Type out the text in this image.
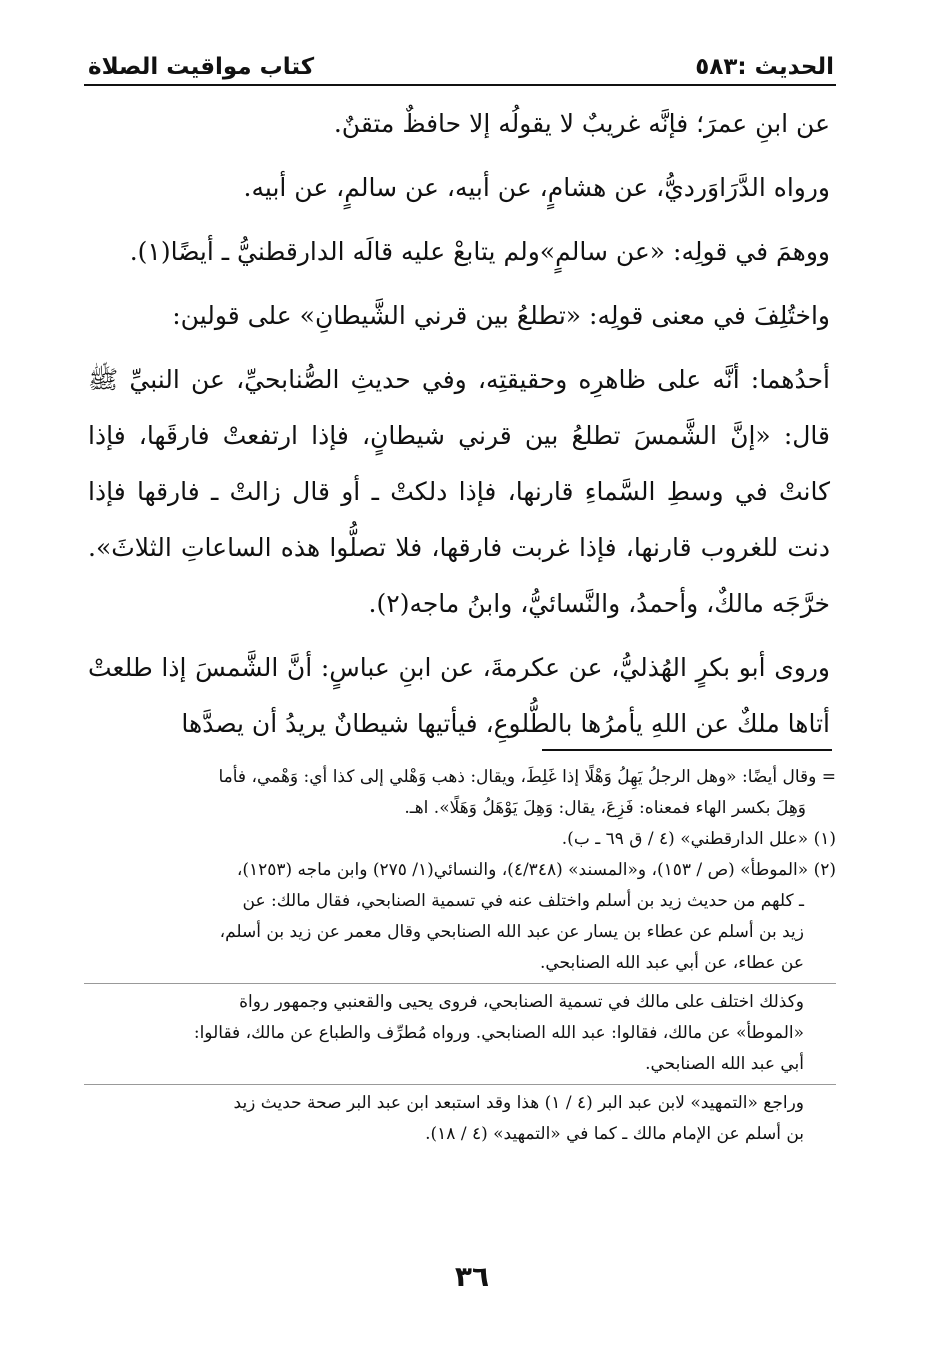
الحديث :٥٨٣
كتاب مواقيت الصلاة

عن ابنِ عمرَ؛ فإنَّه غريبٌ لا يقولُه إلا حافظٌ متقنٌ.

ورواه الدَّرَاوَرديُّ، عن هشامٍ، عن أبيه، عن سالمٍ، عن أبيه.

ووهمَ في قولِه: «عن سالمٍ»ولم يتابعْ عليه قالَه الدارقطنيُّ ـ أيضًا(١).

واختُلِفَ في معنى قولِه: «تطلعُ بين قرني الشَّيطانِ» على قولين:

أحدُهما: أنَّه على ظاهرِه وحقيقتِه، وفي حديثِ الصُّنابحيِّ، عن النبيِّ ﷺ قال: «إنَّ الشَّمسَ تطلعُ بين قرني شيطانٍ، فإذا ارتفعتْ فارقَها، فإذا كانتْ في وسطِ السَّماءِ قارنها، فإذا دلكتْ ـ أو قال زالتْ ـ فارقها فإذا دنت للغروب قارنها، فإذا غربت فارقها، فلا تصلُّوا هذه الساعاتِ الثلاثَ». خرَّجَه مالكٌ، وأحمدُ، والنَّسائيُّ، وابنُ ماجه(٢).

وروى أبو بكرٍ الهُذليُّ، عن عكرمةَ، عن ابنِ عباسٍ: أنَّ الشَّمسَ إذا طلعتْ أتاها ملكٌ عن اللهِ يأمرُها بالطُّلوعِ، فيأتيها شيطانٌ يريدُ أن يصدَّها

= وقال أيضًا: «وهل الرجلُ يَهِلُ وَهْلًا إذا غَلِطَ، ويقال: ذهب وَهْلي إلى كذا أي: وَهْمي، فأما

وَهِلَ بكسر الهاء فمعناه: فَزِعَ، يقال: وَهِلَ يَوْهَلُ وَهَلًا». اهـ.

(١) «علل الدارقطني» (٤ / ق ٦٩ ـ ب).

(٢) «الموطأ» (ص / ١٥٣)، و«المسند» (٤/٣٤٨)، والنسائي(١/ ٢٧٥) وابن ماجه (١٢٥٣)،

ـ كلهم من حديث زيد بن أسلم واختلف عنه في تسمية الصنابحي، فقال مالك: عن

زيد بن أسلم عن عطاء بن يسار عن عبد الله الصنابحي وقال معمر عن زيد بن أسلم،

عن عطاء، عن أبي عبد الله الصنابحي.

وكذلك اختلف على مالك في تسمية الصنابحي، فروى يحيى والقعنبي وجمهور رواة

«الموطأ» عن مالك، فقالوا: عبد الله الصنابحي. ورواه مُطرِّف والطباع عن مالك، فقالوا:

أبي عبد الله الصنابحي.

وراجع «التمهيد» لابن عبد البر (٤ / ١) هذا وقد استبعد ابن عبد البر صحة حديث زيد

بن أسلم عن الإمام مالك ـ كما في «التمهيد» (٤ / ١٨).

٣٦
